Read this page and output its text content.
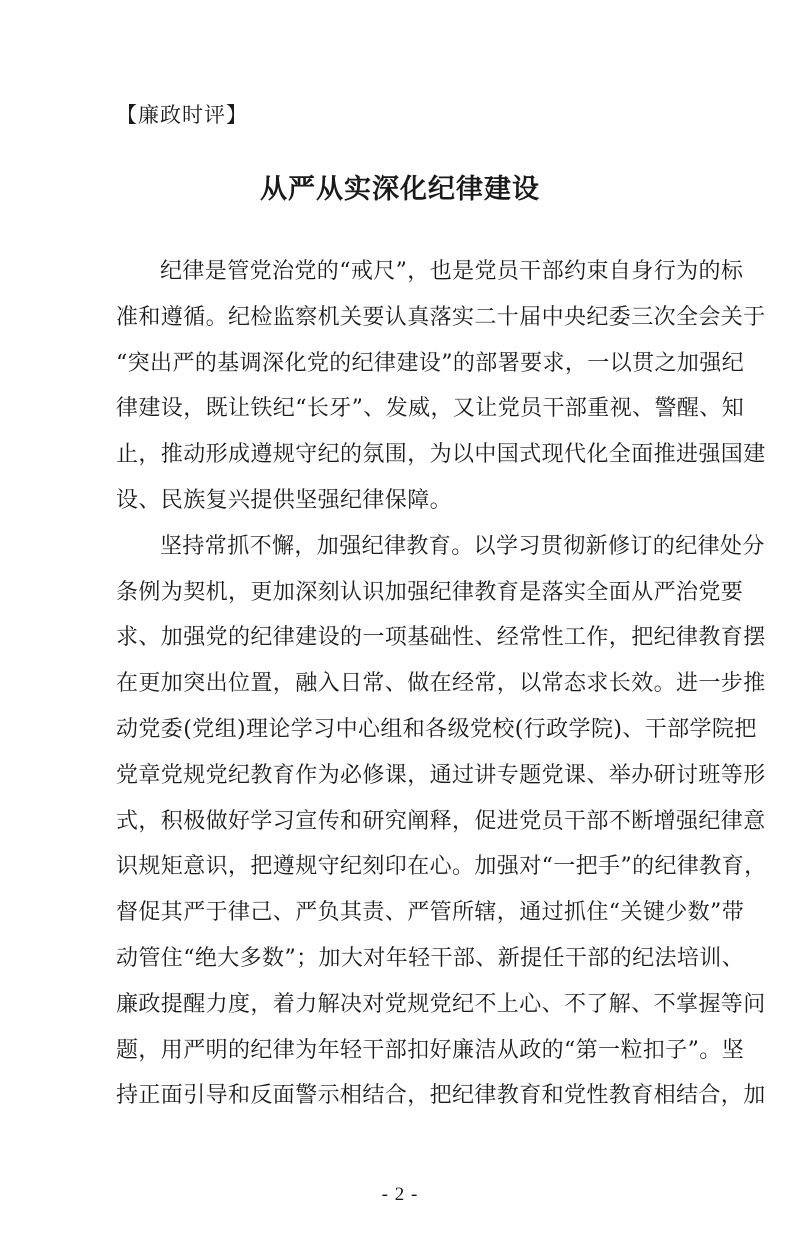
【廉政时评】
从严从实深化纪律建设
纪律是管党治党的“戒尺”，也是党员干部约束自身行为的标
准和遵循。纪检监察机关要认真落实二十届中央纪委三次全会关于
“突出严的基调深化党的纪律建设”的部署要求，一以贯之加强纪
律建设，既让铁纪“长牙”、发威，又让党员干部重视、警醒、知
止，推动形成遵规守纪的氛围，为以中国式现代化全面推进强国建
设、民族复兴提供坚强纪律保障。
坚持常抓不懈，加强纪律教育。以学习贯彻新修订的纪律处分
条例为契机，更加深刻认识加强纪律教育是落实全面从严治党要
求、加强党的纪律建设的一项基础性、经常性工作，把纪律教育摆
在更加突出位置，融入日常、做在经常，以常态求长效。进一步推
动党委(党组)理论学习中心组和各级党校(行政学院)、干部学院把
党章党规党纪教育作为必修课，通过讲专题党课、举办研讨班等形
式，积极做好学习宣传和研究阐释，促进党员干部不断增强纪律意
识规矩意识，把遵规守纪刻印在心。加强对“一把手”的纪律教育，
督促其严于律己、严负其责、严管所辖，通过抓住“关键少数”带
动管住“绝大多数”；加大对年轻干部、新提任干部的纪法培训、
廉政提醒力度，着力解决对党规党纪不上心、不了解、不掌握等问
题，用严明的纪律为年轻干部扣好廉洁从政的“第一粒扣子”。坚
持正面引导和反面警示相结合，把纪律教育和党性教育相结合，加
- 2 -
